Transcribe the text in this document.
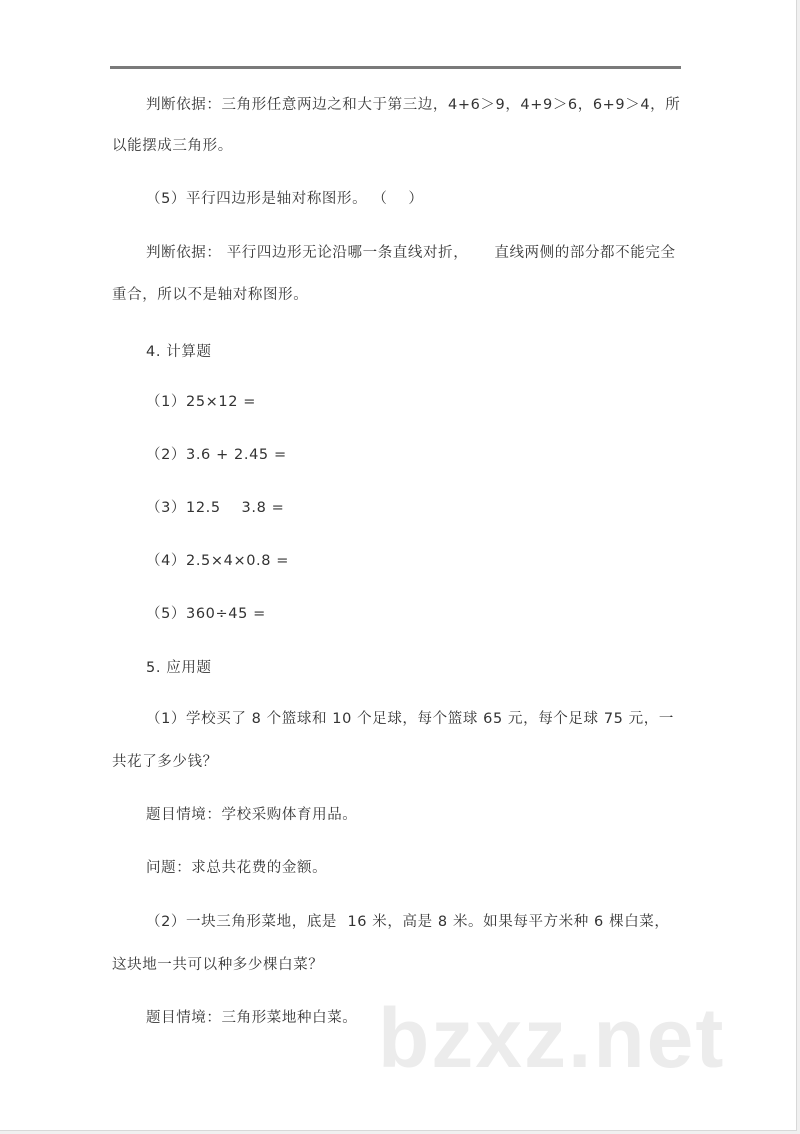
判断依据：三角形任意两边之和大于第三边，4+6＞9，4+9＞6，6+9＞4，所
以能摆成三角形。
（5）平行四边形是轴对称图形。 （    ）
判断依据： 平行四边形无论沿哪一条直线对折，     直线两侧的部分都不能完全
重合，所以不是轴对称图形。
4. 计算题
（1）25×12 =
（2）3.6 + 2.45 =
（3）12.5    3.8 =
（4）2.5×4×0.8 =
（5）360÷45 =
5. 应用题
（1）学校买了 8 个篮球和 10 个足球，每个篮球 65 元，每个足球 75 元，一
共花了多少钱？
题目情境：学校采购体育用品。
问题：求总共花费的金额。
（2）一块三角形菜地，底是  16 米，高是 8 米。如果每平方米种 6 棵白菜，
这块地一共可以种多少棵白菜？
题目情境：三角形菜地种白菜。 bzxz.net
